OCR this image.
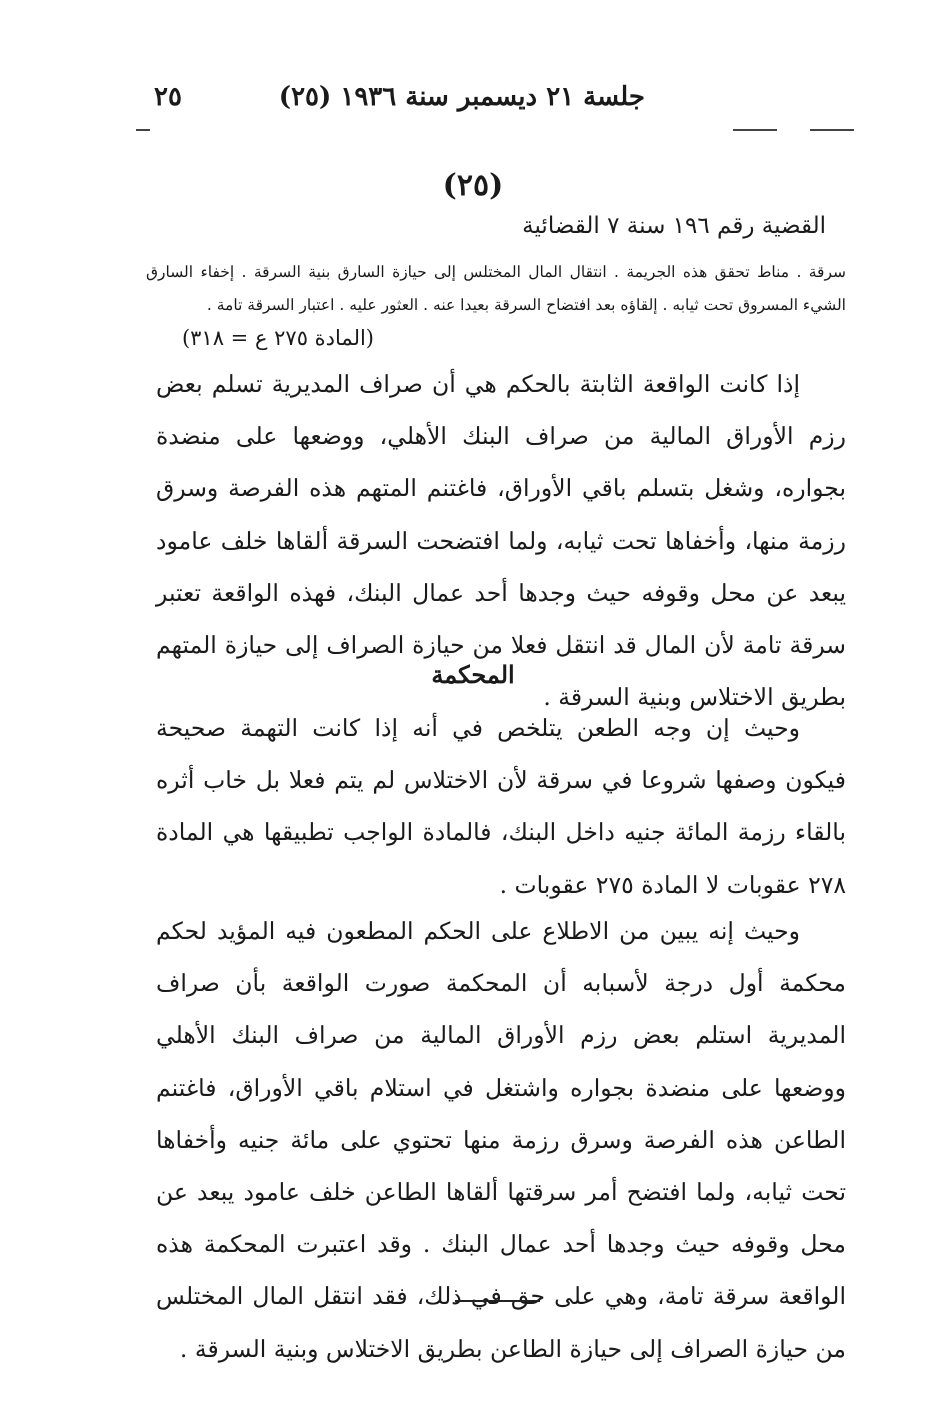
جلسة ٢١ ديسمبر سنة ١٩٣٦ (٢٥)
٢٥
(٢٥)
القضية رقم ١٩٦ سنة ٧ القضائية

سرقة . مناط تحقق هذه الجريمة . انتقال المال المختلس إلى حيازة السارق بنية السرقة . إخفاء السارق الشيء المسروق تحت ثيابه . إلقاؤه بعد افتضاح السرقة بعيدا عنه . العثور عليه . اعتبار السرقة تامة .

(المادة ٢٧٥ ع = ٣١٨)

إذا كانت الواقعة الثابتة بالحكم هي أن صراف المديرية تسلم بعض رزم الأوراق المالية من صراف البنك الأهلي، ووضعها على منضدة بجواره، وشغل بتسلم باقي الأوراق، فاغتنم المتهم هذه الفرصة وسرق رزمة منها، وأخفاها تحت ثيابه، ولما افتضحت السرقة ألقاها خلف عامود يبعد عن محل وقوفه حيث وجدها أحد عمال البنك، فهذه الواقعة تعتبر سرقة تامة لأن المال قد انتقل فعلا من حيازة الصراف إلى حيازة المتهم بطريق الاختلاس وبنية السرقة .

المحكمة

وحيث إن وجه الطعن يتلخص في أنه إذا كانت التهمة صحيحة فيكون وصفها شروعا في سرقة لأن الاختلاس لم يتم فعلا بل خاب أثره بالقاء رزمة المائة جنيه داخل البنك، فالمادة الواجب تطبيقها هي المادة ٢٧٨ عقوبات لا المادة ٢٧٥ عقوبات .

وحيث إنه يبين من الاطلاع على الحكم المطعون فيه المؤيد لحكم محكمة أول درجة لأسبابه أن المحكمة صورت الواقعة بأن صراف المديرية استلم بعض رزم الأوراق المالية من صراف البنك الأهلي ووضعها على منضدة بجواره واشتغل في استلام باقي الأوراق، فاغتنم الطاعن هذه الفرصة وسرق رزمة منها تحتوي على مائة جنيه وأخفاها تحت ثيابه، ولما افتضح أمر سرقتها ألقاها الطاعن خلف عامود يبعد عن محل وقوفه حيث وجدها أحد عمال البنك . وقد اعتبرت المحكمة هذه الواقعة سرقة تامة، وهي على حق في ذلك، فقد انتقل المال المختلس من حيازة الصراف إلى حيازة الطاعن بطريق الاختلاس وبنية السرقة .
